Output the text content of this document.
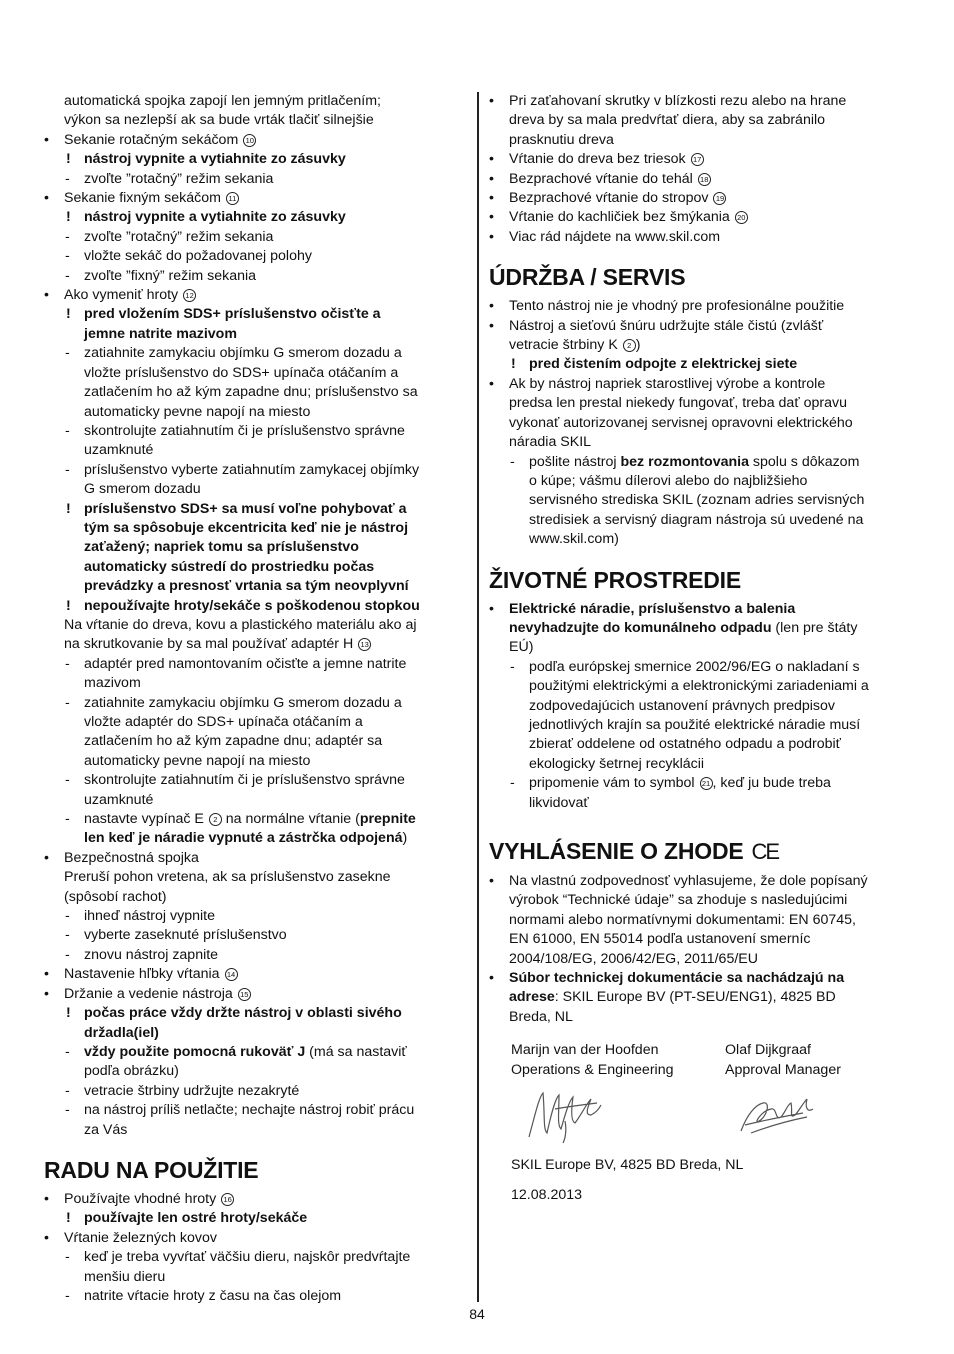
automatická spojka zapojí len jemným pritlačením;
výkon sa nezlepší ak sa bude vrták tlačiť silnejšie
• Sekanie rotačným sekáčom 10
! nástroj vypnite a vytiahnite zo zásuvky
- zvoľte ”rotačný” režim sekania
• Sekanie fixným sekáčom 11
! nástroj vypnite a vytiahnite zo zásuvky
- zvoľte ”rotačný” režim sekania
- vložte sekáč do požadovanej polohy
- zvoľte ”fixný” režim sekania
• Ako vymeniť hroty 12
! pred vložením SDS+ príslušenstvo očisťte a
jemne natrite mazivom
- zatiahnite zamykaciu objímku G smerom dozadu a
vložte príslušenstvo do SDS+ upínača otáčaním a
zatlačením ho až kým zapadne dnu; príslušenstvo sa
automaticky pevne napojí na miesto
- skontrolujte zatiahnutím či je príslušenstvo správne
uzamknuté
- príslušenstvo vyberte zatiahnutím zamykacej objímky
G smerom dozadu
! príslušenstvo SDS+ sa musí voľne pohybovať a
tým sa spôsobuje ekcentricita keď nie je nástroj
zaťažený; napriek tomu sa príslušenstvo
automaticky sústredí do prostriedku počas
prevádzky a presnosť vrtania sa tým neovplyvní
! nepoužívajte hroty/sekáče s poškodenou stopkou
Na vŕtanie do dreva, kovu a plastického materiálu ako aj
na skrutkovanie by sa mal používať adaptér H 13
- adaptér pred namontovaním očisťte a jemne natrite
mazivom
- zatiahnite zamykaciu objímku G smerom dozadu a
vložte adaptér do SDS+ upínača otáčaním a
zatlačením ho až kým zapadne dnu; adaptér sa
automaticky pevne napojí na miesto
- skontrolujte zatiahnutím či je príslušenstvo správne
uzamknuté
- nastavte vypínač E 2 na normálne vŕtanie (prepnite
len keď je náradie vypnuté a zástrčka odpojená)
• Bezpečnostná spojka
Preruší pohon vretena, ak sa príslušenstvo zasekne
(spôsobí rachot)
- ihneď nástroj vypnite
- vyberte zaseknuté príslušenstvo
- znovu nástroj zapnite
• Nastavenie hľbky vŕtania 14
• Držanie a vedenie nástroja 15
! počas práce vždy držte nástroj v oblasti sivého
držadla(iel)
- vždy použite pomocná rukoväť J (má sa nastaviť
podľa obrázku)
- vetracie štrbiny udržujte nezakryté
- na nástroj príliš netlačte; nechajte nástroj robiť prácu
za Vás
RADU NA POUŽITIE
• Používajte vhodné hroty 16
! používajte len ostré hroty/sekáče
• Vŕtanie železných kovov
- keď je treba vyvŕtať väčšiu dieru, najskôr predvŕtajte
menšiu dieru
- natrite vŕtacie hroty z času na čas olejom
• Pri zaťahovaní skrutky v blízkosti rezu alebo na hrane
dreva by sa mala predvŕtať diera, aby sa zabránilo
prasknutiu dreva
• Vŕtanie do dreva bez triesok 17
• Bezprachové vŕtanie do tehál 18
• Bezprachové vŕtanie do stropov 19
• Vŕtanie do kachličiek bez šmýkania 20
• Viac rád nájdete na www.skil.com
ÚDRŽBA / SERVIS
• Tento nástroj nie je vhodný pre profesionálne použitie
• Nástroj a sieťovú šnúru udržujte stále čistú (zvlášť
vetracie štrbiny K 2 )
! pred čistením odpojte z elektrickej siete
• Ak by nástroj napriek starostlivej výrobe a kontrole
predsa len prestal niekedy fungovať, treba dať opravu
vykonať autorizovanej servisnej opravovni elektrického
náradia SKIL
- pošlite nástroj bez rozmontovania spolu s dôkazom
o kúpe; vášmu dílerovi alebo do najbližšieho
servisného strediska SKIL (zoznam adries servisných
stredisiek a servisný diagram nástroja sú uvedené na
www.skil.com)
ŽIVOTNÉ PROSTREDIE
• Elektrické náradie, príslušenstvo a balenia
nevyhadzujte do komunálneho odpadu (len pre štáty
EÚ)
- podľa európskej smernice 2002/96/EG o nakladaní s
použitými elektrickými a elektronickými zariadeniami a
zodpovedajúcich ustanovení právnych predpisov
jednotlivých krajín sa použité elektrické náradie musí
zbierať oddelene od ostatného odpadu a podrobiť
ekologicky šetrnej recyklácii
- pripomenie vám to symbol 21 , keď ju bude treba
likvidovať
VYHLÁSENIE O ZHODE CE
• Na vlastnú zodpovednosť vyhlasujeme, že dole popísaný
výrobok “Technické údaje” sa zhoduje s nasledujúcimi
normami alebo normatívnymi dokumentami: EN 60745,
EN 61000, EN 55014 podľa ustanovení smerníc
2004/108/EG, 2006/42/EG, 2011/65/EU
• Súbor technickej dokumentácie sa nachádzajú na
adrese: SKIL Europe BV (PT-SEU/ENG1), 4825 BD
Breda, NL
Marijn van der Hoofden
Operations & Engineering
Olaf Dijkgraaf
Approval Manager
SKIL Europe BV, 4825 BD Breda, NL
12.08.2013
84
